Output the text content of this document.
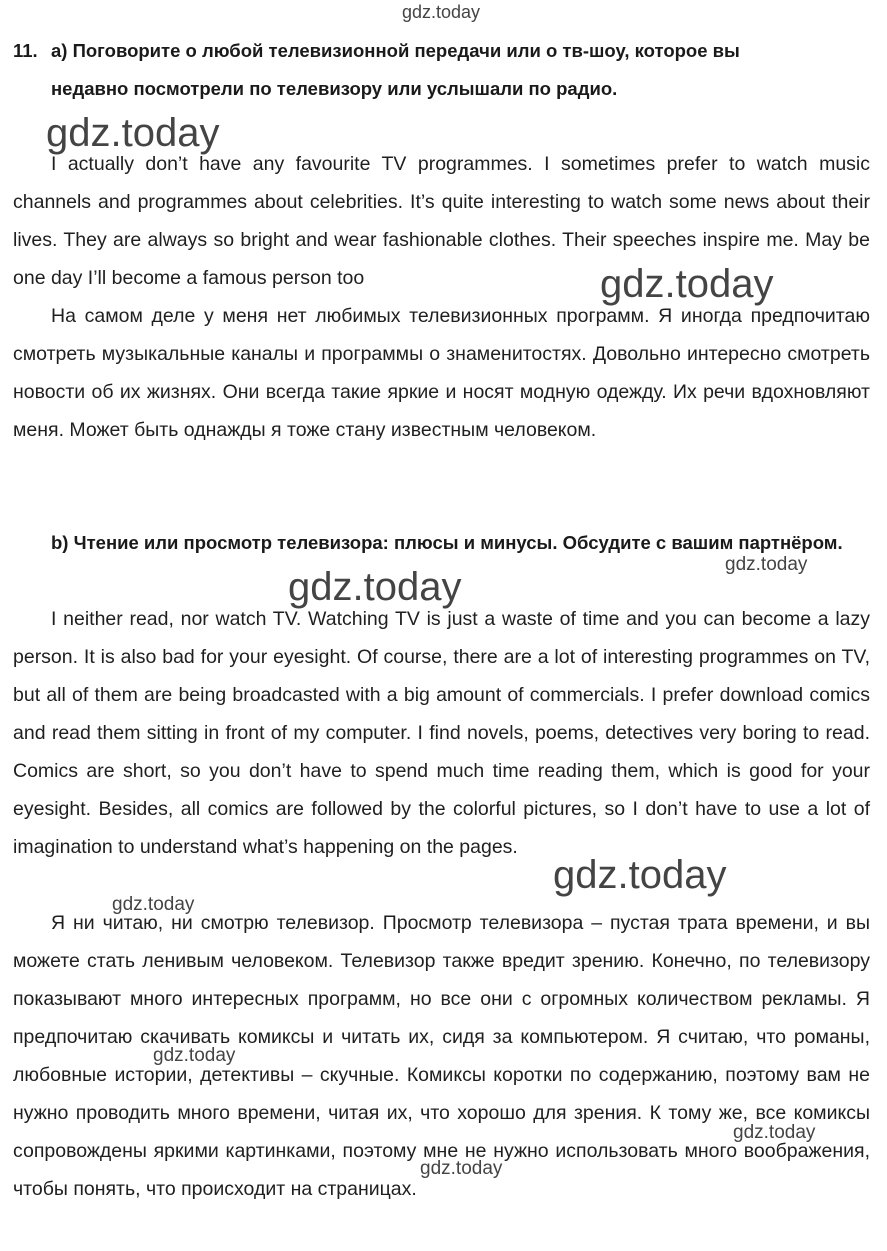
gdz.today
gdz.today
gdz.today
gdz.today
gdz.today
gdz.today
gdz.today
gdz.today
gdz.today
gdz.today
11. a) Поговорите о любой телевизионной передачи или о тв-шоу, которое вы
недавно посмотрели по телевизору или услышали по радио.

I actually don’t have any favourite TV programmes. I sometimes prefer to watch music channels and programmes about celebrities. It’s quite interesting to watch some news about their lives. They are always so bright and wear fashionable clothes. Their speeches inspire me. May be one day I’ll become a famous person too

На самом деле у меня нет любимых телевизионных программ. Я иногда предпочитаю смотреть музыкальные каналы и программы о знаменитостях. Довольно интересно смотреть новости об их жизнях. Они всегда такие яркие и носят модную одежду. Их речи вдохновляют меня. Может быть однажды я тоже стану известным человеком.

b) Чтение или просмотр телевизора: плюсы и минусы. Обсудите с вашим партнёром.

I neither read, nor watch TV. Watching TV is just a waste of time and you can become a lazy person. It is also bad for your eyesight. Of course, there are a lot of interesting programmes on TV, but all of them are being broadcasted with a big amount of commercials. I prefer download comics and read them sitting in front of my computer. I find novels, poems, detectives very boring to read. Comics are short, so you don’t have to spend much time reading them, which is good for your eyesight. Besides, all comics are followed by the colorful pictures, so I don’t have to use a lot of imagination to understand what’s happening on the pages.

Я ни читаю, ни смотрю телевизор. Просмотр телевизора – пустая трата времени, и вы можете стать ленивым человеком. Телевизор также вредит зрению. Конечно, по телевизору показывают много интересных программ, но все они с огромных количеством рекламы. Я предпочитаю скачивать комиксы и читать их, сидя за компьютером. Я считаю, что романы, любовные истории, детективы – скучные. Комиксы коротки по содержанию, поэтому вам не нужно проводить много времени, читая их, что хорошо для зрения. К тому же, все комиксы сопровождены яркими картинками, поэтому мне не нужно использовать много воображения, чтобы понять, что происходит на страницах.
